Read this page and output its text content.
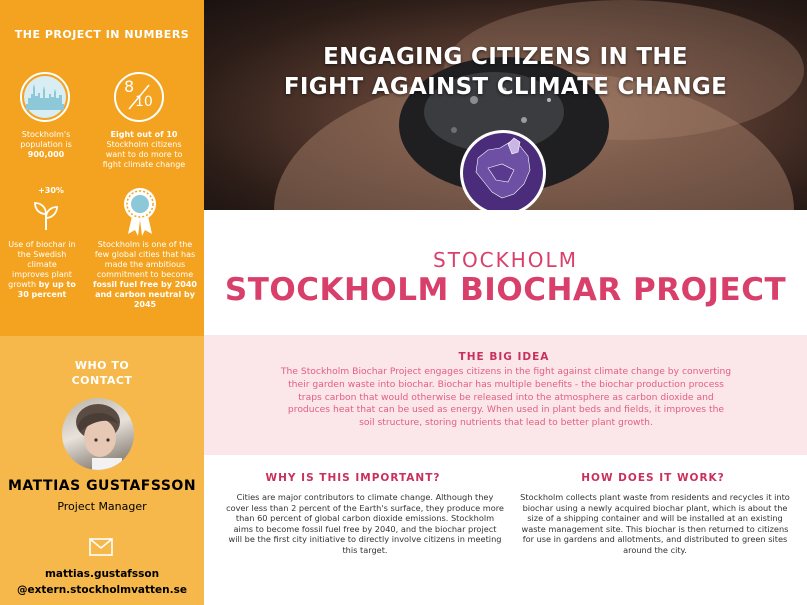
THE PROJECT IN NUMBERS
Stockholm's population is 900,000
8
10
Eight out of 10 Stockholm citizens want to do more to fight climate change
+30%
Use of biochar in the Swedish climate improves plant growth by up to 30 percent
Stockholm is one of the few global cities that has made the ambitious commitment to become fossil fuel free by 2040 and carbon neutral by 2045
WHO TO CONTACT
MATTIAS GUSTAFSSON
Project Manager
mattias.gustafsson
@extern.stockholmvatten.se
ENGAGING CITIZENS IN THE
FIGHT AGAINST CLIMATE CHANGE
STOCKHOLM
STOCKHOLM BIOCHAR PROJECT
THE BIG IDEA
The Stockholm Biochar Project engages citizens in the fight against climate change by converting their garden waste into biochar. Biochar has multiple benefits - the biochar production process traps carbon that would otherwise be released into the atmosphere as carbon dioxide and produces heat that can be used as energy. When used in plant beds and fields, it improves the soil structure, storing nutrients that lead to better plant growth.
WHY IS THIS IMPORTANT?
Cities are major contributors to climate change. Although they cover less than 2 percent of the Earth's surface, they produce more than 60 percent of global carbon dioxide emissions. Stockholm aims to become fossil fuel free by 2040, and the biochar project will be the first city initiative to directly involve citizens in meeting this target.
HOW DOES IT WORK?
Stockholm collects plant waste from residents and recycles it into biochar using a newly acquired biochar plant, which is about the size of a shipping container and will be installed at an existing waste management site. This biochar is then returned to citizens for use in gardens and allotments, and distributed to green sites around the city.
